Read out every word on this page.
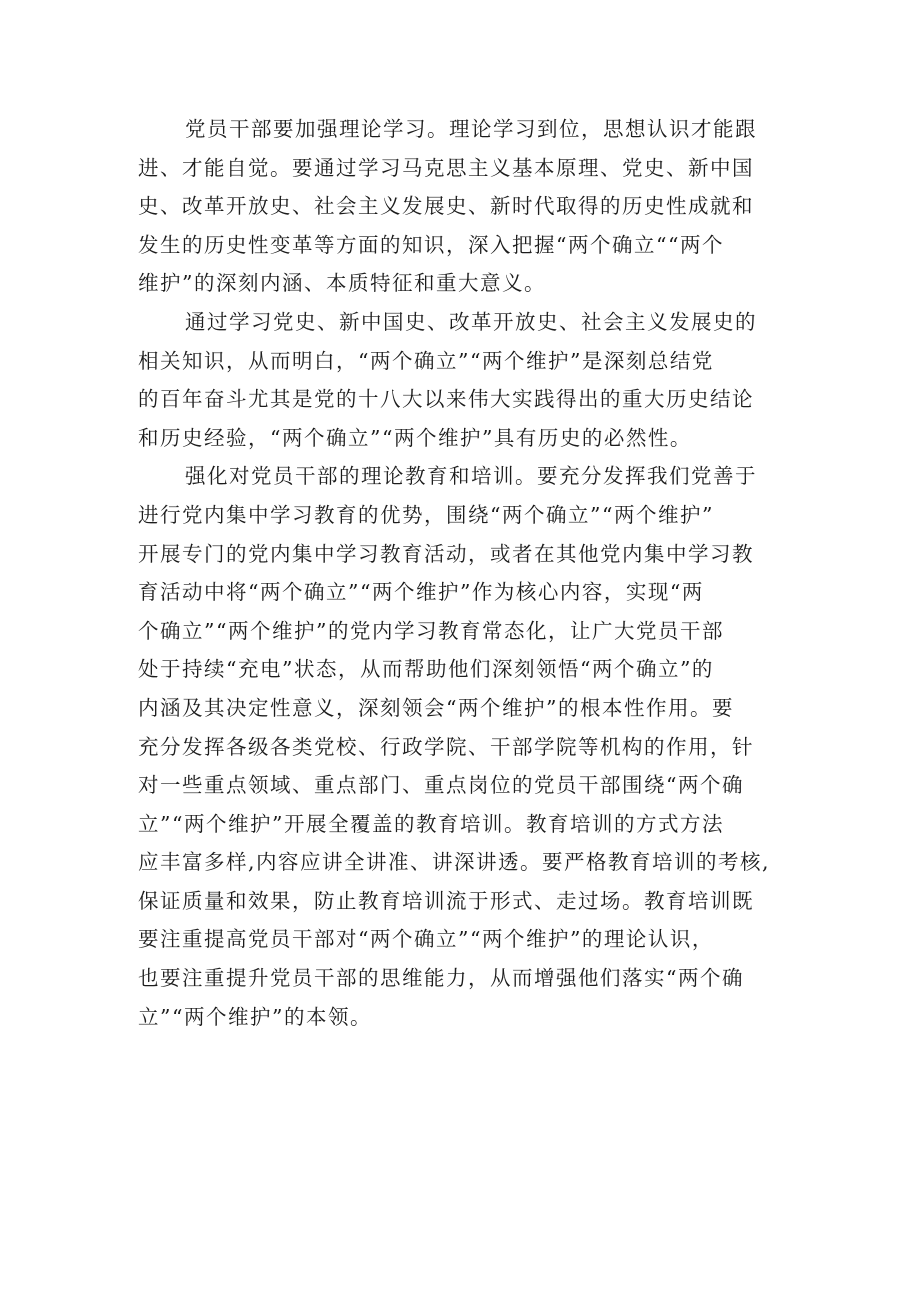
党员干部要加强理论学习。理论学习到位，思想认识才能跟
进、才能自觉。要通过学习马克思主义基本原理、党史、新中国
史、改革开放史、社会主义发展史、新时代取得的历史性成就和
发生的历史性变革等方面的知识，深入把握“两个确立““两个
维护”的深刻内涵、本质特征和重大意义。
通过学习党史、新中国史、改革开放史、社会主义发展史的
相关知识，从而明白，“两个确立”“两个维护”是深刻总结党
的百年奋斗尤其是党的十八大以来伟大实践得出的重大历史结论
和历史经验，“两个确立”“两个维护”具有历史的必然性。
强化对党员干部的理论教育和培训。要充分发挥我们党善于
进行党内集中学习教育的优势，围绕“两个确立”“两个维护”
开展专门的党内集中学习教育活动，或者在其他党内集中学习教
育活动中将“两个确立”“两个维护”作为核心内容，实现“两
个确立”“两个维护”的党内学习教育常态化，让广大党员干部
处于持续“充电”状态，从而帮助他们深刻领悟“两个确立”的
内涵及其决定性意义，深刻领会“两个维护”的根本性作用。要
充分发挥各级各类党校、行政学院、干部学院等机构的作用，针
对一些重点领域、重点部门、重点岗位的党员干部围绕“两个确
立”“两个维护”开展全覆盖的教育培训。教育培训的方式方法
应丰富多样,内容应讲全讲准、讲深讲透。要严格教育培训的考核,
保证质量和效果，防止教育培训流于形式、走过场。教育培训既
要注重提高党员干部对“两个确立”“两个维护”的理论认识，
也要注重提升党员干部的思维能力，从而增强他们落实“两个确
立”“两个维护”的本领。
